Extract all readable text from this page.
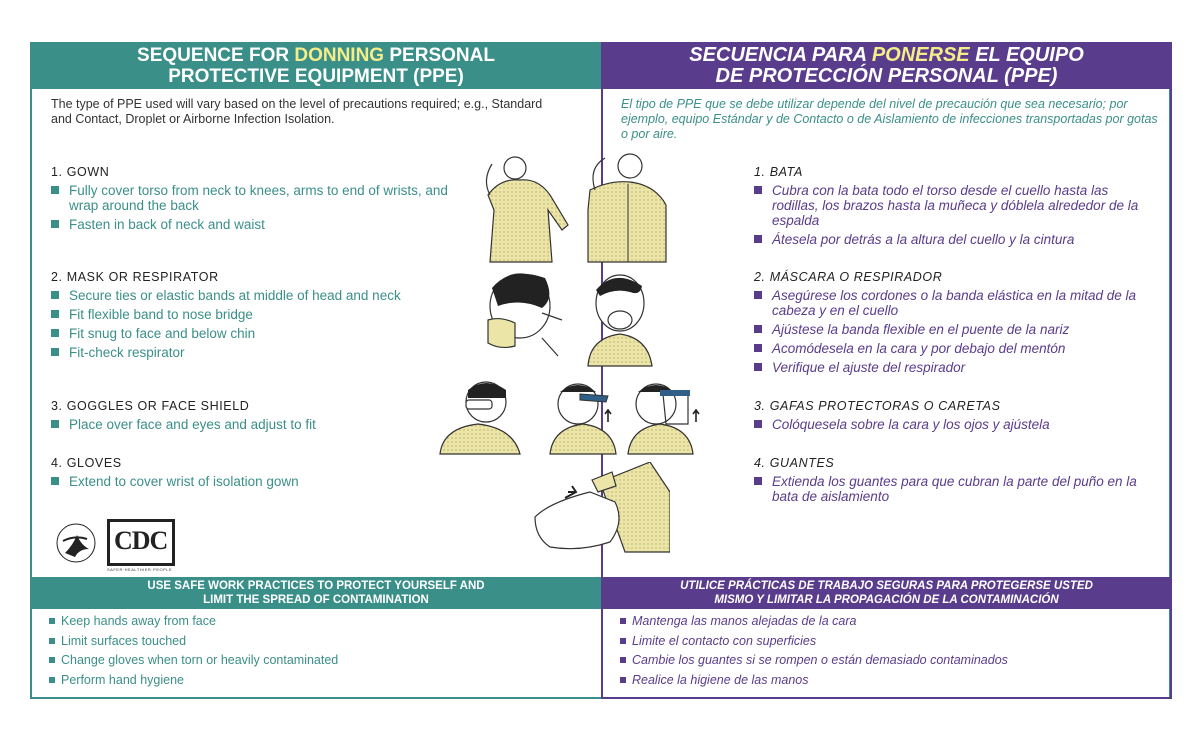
SEQUENCE FOR DONNING PERSONAL
PROTECTIVE EQUIPMENT (PPE)
SECUENCIA PARA PONERSE EL EQUIPO
DE PROTECCIÓN PERSONAL (PPE)
The type of PPE used will vary based on the level of precautions required; e.g., Standard and Contact, Droplet or Airborne Infection Isolation.
El tipo de PPE que se debe utilizar depende del nivel de precaución que sea necesario; por ejemplo, equipo Estándar y de Contacto o de Aislamiento de infecciones transportadas por gotas o por aire.
1. GOWN
Fully cover torso from neck to knees, arms to end of wrists, and wrap around the back
Fasten in back of neck and waist
2. MASK OR RESPIRATOR
Secure ties or elastic bands at middle of head and neck
Fit flexible band to nose bridge
Fit snug to face and below chin
Fit-check respirator
3. GOGGLES OR FACE SHIELD
Place over face and eyes and adjust to fit
4. GLOVES
Extend to cover wrist of isolation gown
1. BATA
Cubra con la bata todo el torso desde el cuello hasta las rodillas, los brazos hasta la muñeca y dóblela alrededor de la espalda
Átesela por detrás a la altura del cuello y la cintura
2. MÁSCARA O RESPIRADOR
Asegúrese los cordones o la banda elástica en la mitad de la cabeza y en el cuello
Ajústese la banda flexible en el puente de la nariz
Acomódesela en la cara y por debajo del mentón
Verifique el ajuste del respirador
3. GAFAS PROTECTORAS O CARETAS
Colóquesela sobre la cara y los ojos y ajústela
4. GUANTES
Extienda los guantes para que cubran la parte del puño en la bata de aislamiento
CDC
SAFER·HEALTHIER·PEOPLE
USE SAFE WORK PRACTICES TO PROTECT YOURSELF AND
LIMIT THE SPREAD OF CONTAMINATION
UTILICE PRÁCTICAS DE TRABAJO SEGURAS PARA PROTEGERSE USTED
MISMO Y LIMITAR LA PROPAGACIÓN DE LA CONTAMINACIÓN
Keep hands away from face
Limit surfaces touched
Change gloves when torn or heavily contaminated
Perform hand hygiene
Mantenga las manos alejadas de la cara
Limite el contacto con superficies
Cambie los guantes si se rompen o están demasiado contaminados
Realice la higiene de las manos
